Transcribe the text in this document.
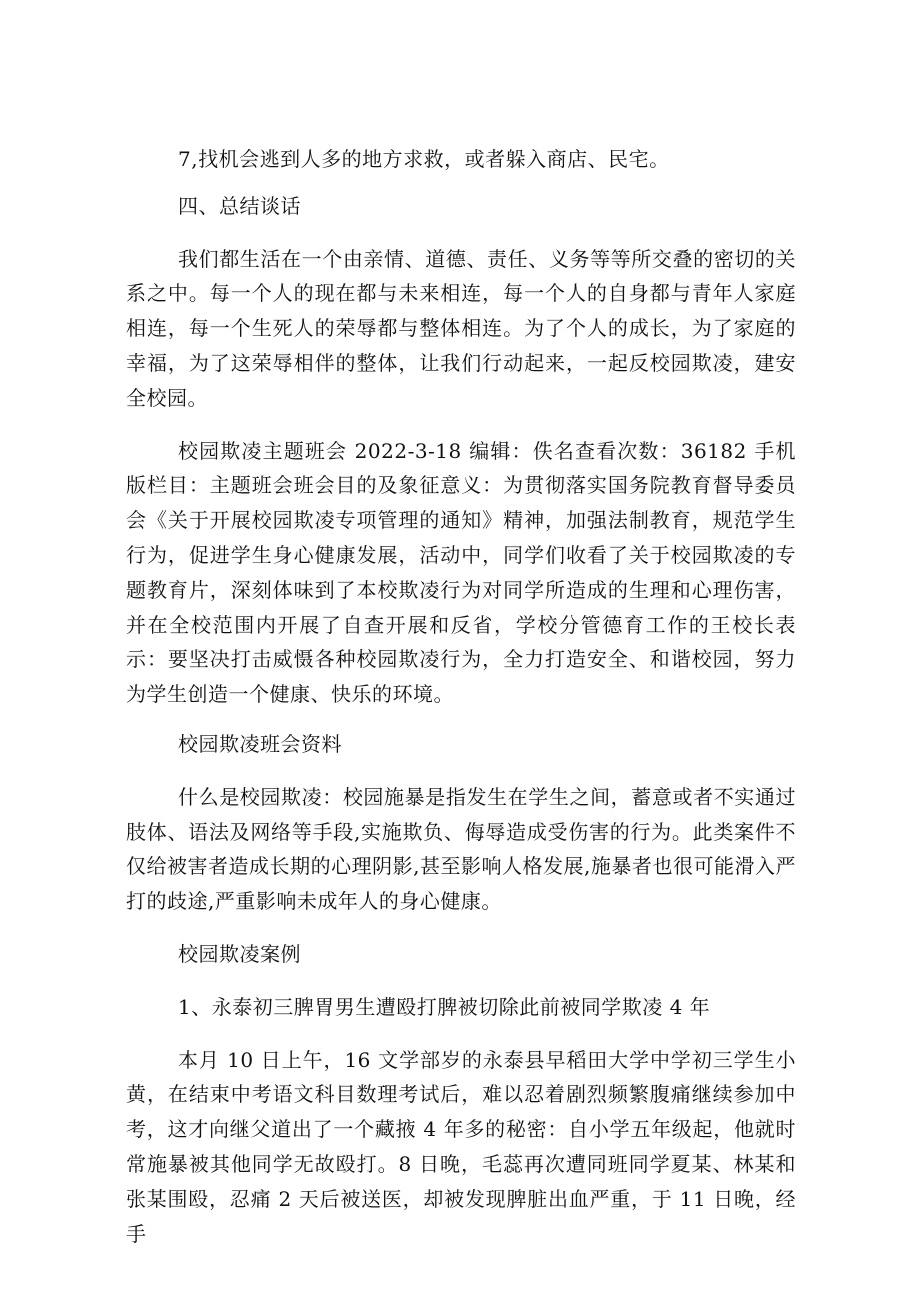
7,找机会逃到人多的地方求救，或者躲入商店、民宅。

四、总结谈话

我们都生活在一个由亲情、道德、责任、义务等等所交叠的密切的关系之中。每一个人的现在都与未来相连，每一个人的自身都与青年人家庭相连，每一个生死人的荣辱都与整体相连。为了个人的成长，为了家庭的幸福，为了这荣辱相伴的整体，让我们行动起来，一起反校园欺凌，建安全校园。

校园欺凌主题班会 2022-3-18 编辑：佚名查看次数：36182 手机版栏目：主题班会班会目的及象征意义：为贯彻落实国务院教育督导委员会《关于开展校园欺凌专项管理的通知》精神，加强法制教育，规范学生行为，促进学生身心健康发展，活动中，同学们收看了关于校园欺凌的专题教育片，深刻体味到了本校欺凌行为对同学所造成的生理和心理伤害，并在全校范围内开展了自查开展和反省，学校分管德育工作的王校长表示：要坚决打击威慑各种校园欺凌行为，全力打造安全、和谐校园，努力为学生创造一个健康、快乐的环境。

校园欺凌班会资料

什么是校园欺凌：校园施暴是指发生在学生之间，蓄意或者不实通过肢体、语法及网络等手段,实施欺负、侮辱造成受伤害的行为。此类案件不仅给被害者造成长期的心理阴影,甚至影响人格发展,施暴者也很可能滑入严打的歧途,严重影响未成年人的身心健康。

校园欺凌案例

1、永泰初三脾胃男生遭殴打脾被切除此前被同学欺凌 4 年

本月 10 日上午，16 文学部岁的永泰县早稻田大学中学初三学生小黄，在结束中考语文科目数理考试后，难以忍着剧烈频繁腹痛继续参加中考，这才向继父道出了一个藏掖 4 年多的秘密：自小学五年级起，他就时常施暴被其他同学无故殴打。8 日晚，毛蕊再次遭同班同学夏某、林某和张某围殴，忍痛 2 天后被送医，却被发现脾脏出血严重，于 11 日晚，经手
